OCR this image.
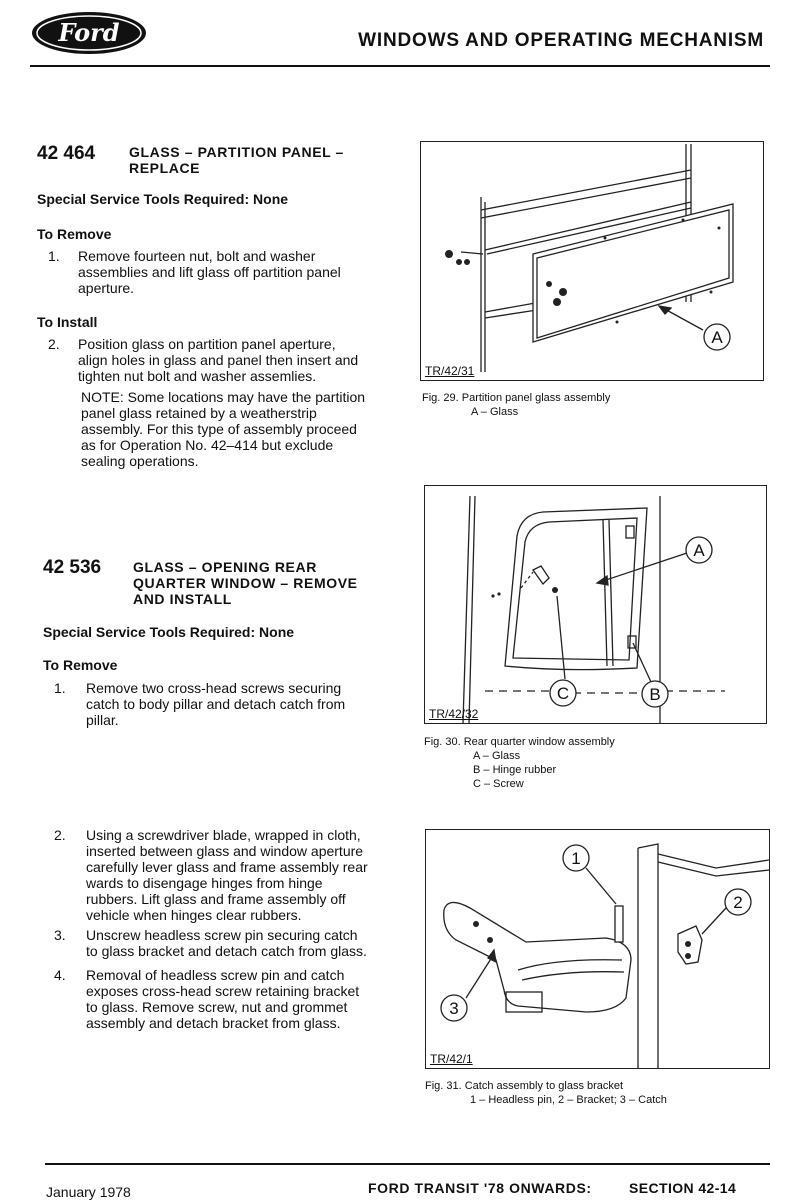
Ford	WINDOWS AND OPERATING MECHANISM
42 464 GLASS – PARTITION PANEL –
REPLACE
Special Service Tools Required: None
To Remove
1. Remove fourteen nut, bolt and washer
assemblies and lift glass off partition panel
aperture.
To Install
2. Position glass on partition panel aperture,
align holes in glass and panel then insert and
tighten nut bolt and washer assemlies.
NOTE: Some locations may have the partition
panel glass retained by a weatherstrip
assembly. For this type of assembly proceed
as for Operation No. 42–414 but exclude
sealing operations.
A
TR/42/31
Fig. 29. Partition panel glass assembly
A – Glass
A
B
C
TR/42/32
Fig. 30. Rear quarter window assembly
A – Glass
B – Hinge rubber
C – Screw
42 536 GLASS – OPENING REAR
QUARTER WINDOW – REMOVE
AND INSTALL
Special Service Tools Required: None
To Remove
1. Remove two cross-head screws securing
catch to body pillar and detach catch from
pillar.
2. Using a screwdriver blade, wrapped in cloth,
inserted between glass and window aperture
carefully lever glass and frame assembly rear
wards to disengage hinges from hinge
rubbers. Lift glass and frame assembly off
vehicle when hinges clear rubbers.
3. Unscrew headless screw pin securing catch
to glass bracket and detach catch from glass.
4. Removal of headless screw pin and catch
exposes cross-head screw retaining bracket
to glass. Remove screw, nut and grommet
assembly and detach bracket from glass.
1
2
3
TR/42/1
Fig. 31. Catch assembly to glass bracket
1 – Headless pin, 2 – Bracket; 3 – Catch
January 1978	FORD TRANSIT '78 ONWARDS:	SECTION 42-14
